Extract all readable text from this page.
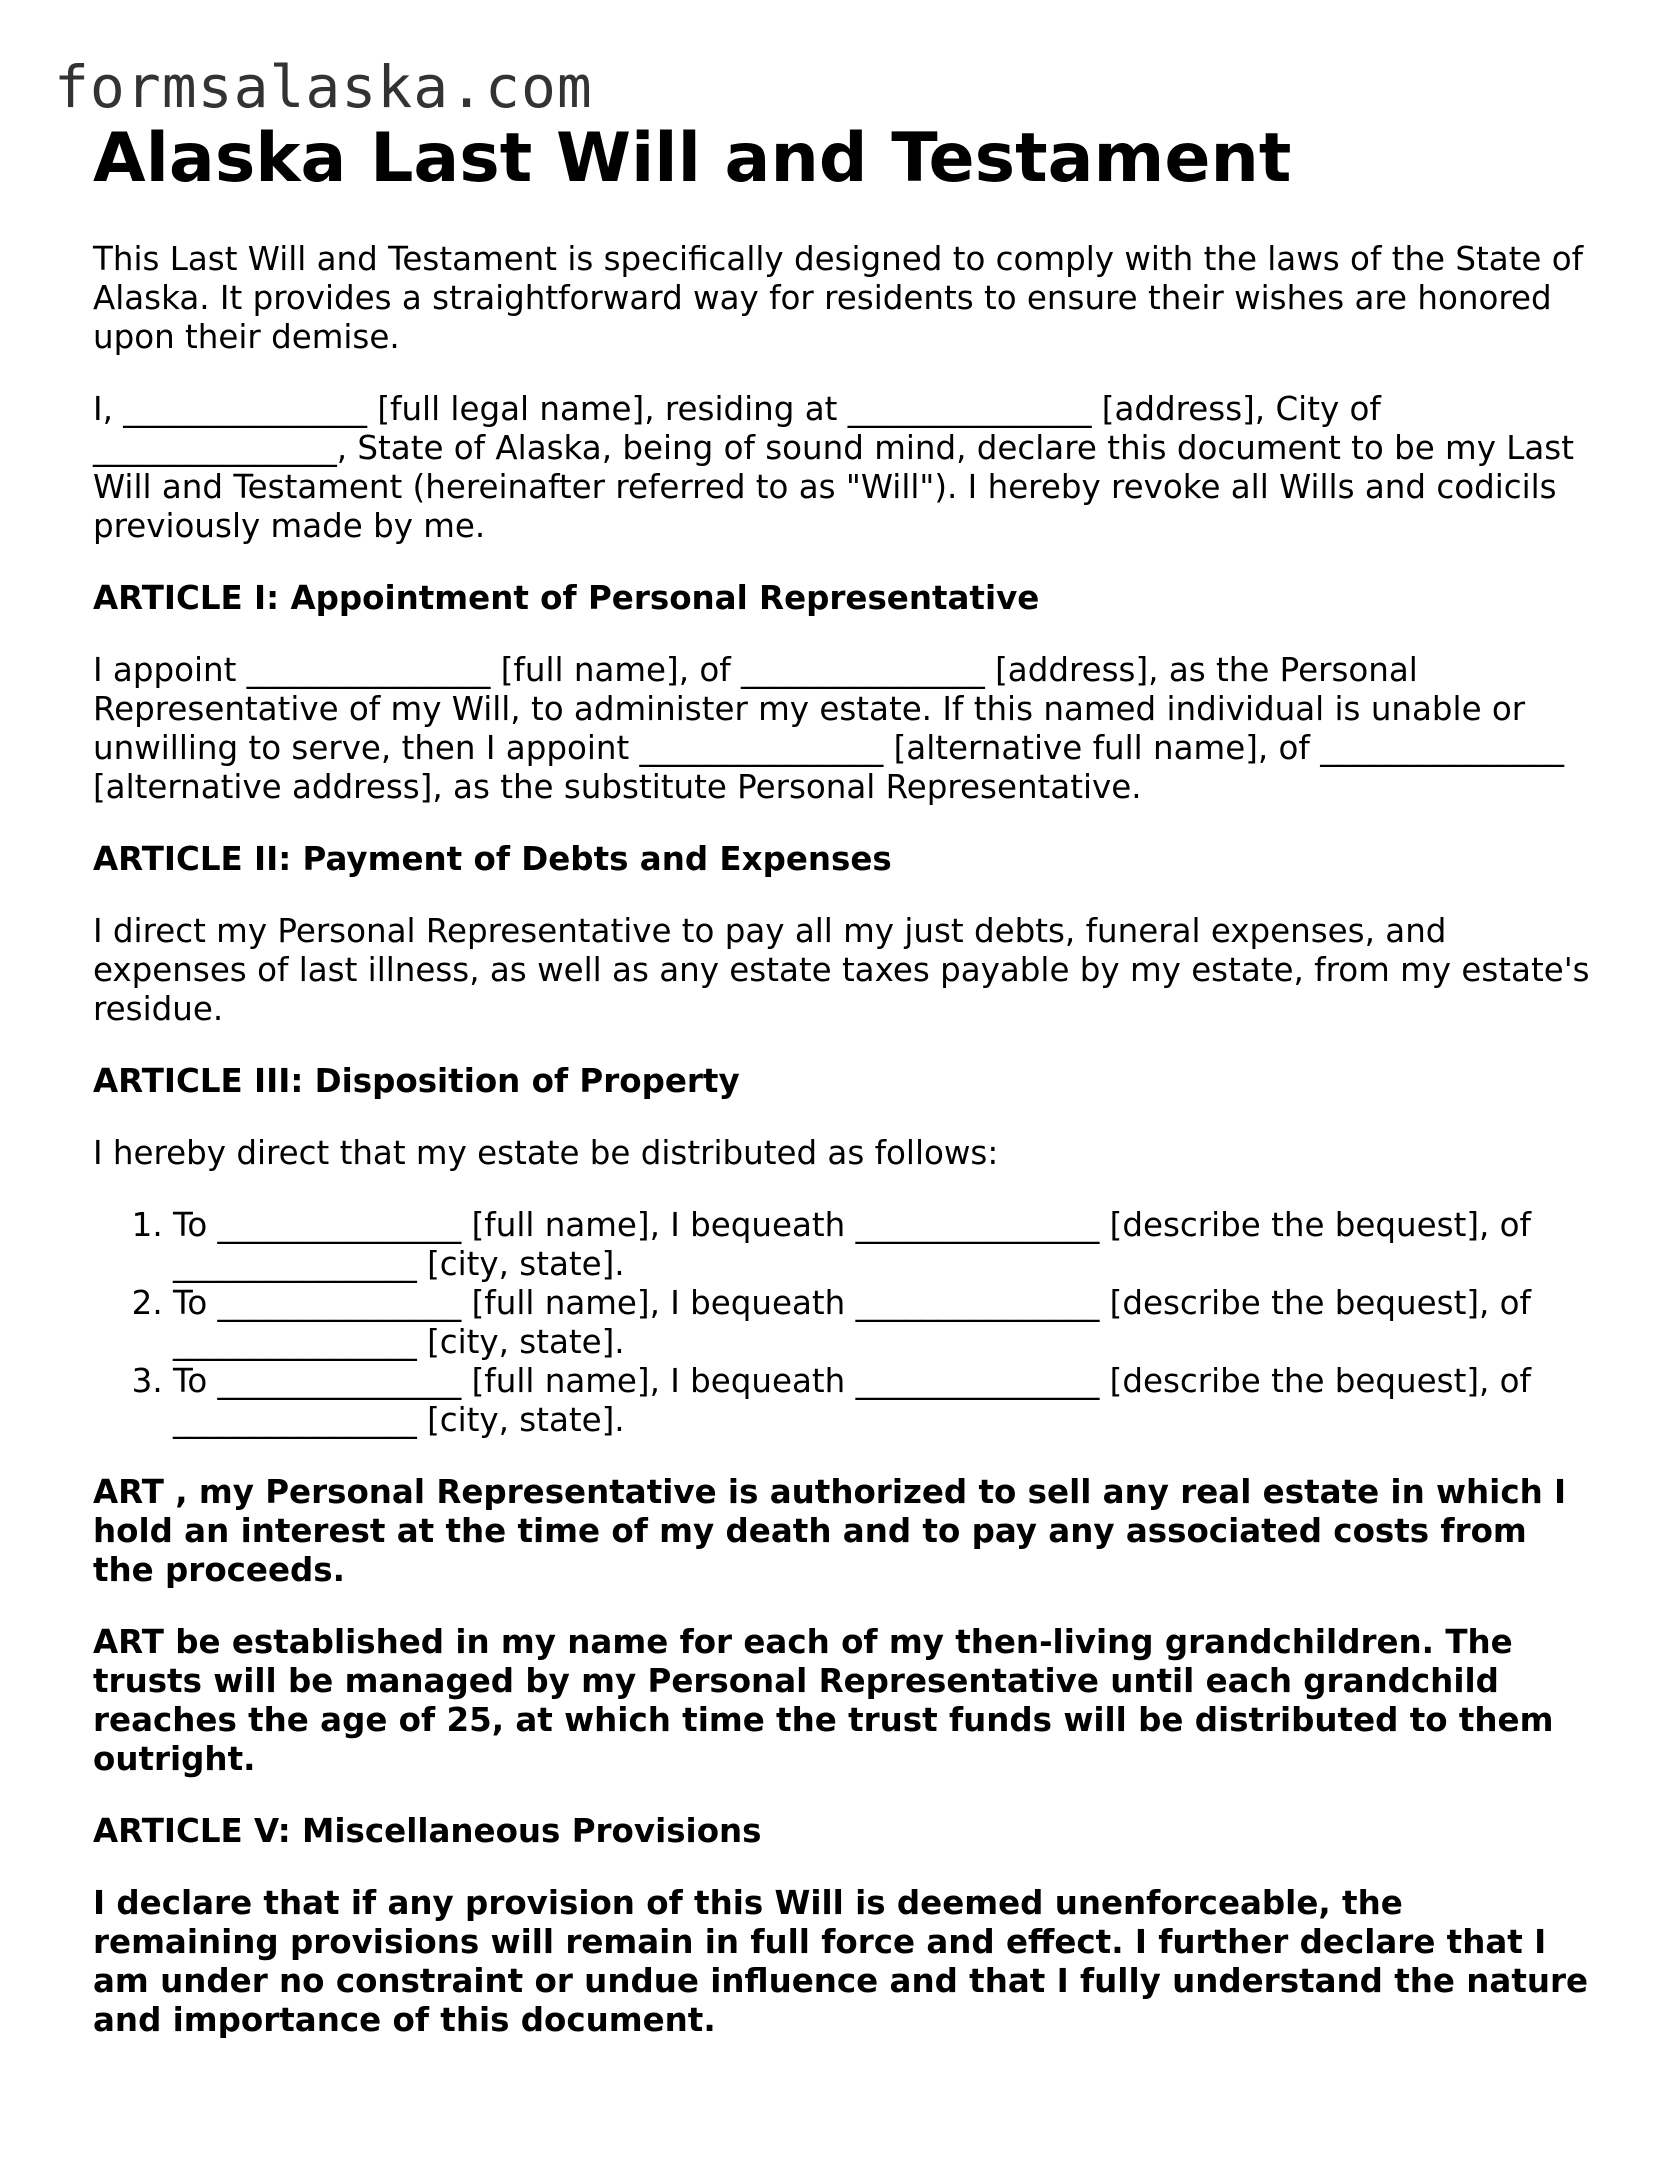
formsalaska.com
Alaska Last Will and Testament

This Last Will and Testament is specifically designed to comply with the laws of the State of Alaska. It provides a straightforward way for residents to ensure their wishes are honored upon their demise.

I, _______________ [full legal name], residing at _______________ [address], City of _______________, State of Alaska, being of sound mind, declare this document to be my Last Will and Testament (hereinafter referred to as "Will"). I hereby revoke all Wills and codicils previously made by me.

ARTICLE I: Appointment of Personal Representative

I appoint _______________ [full name], of _______________ [address], as the Personal Representative of my Will, to administer my estate. If this named individual is unable or unwilling to serve, then I appoint _______________ [alternative full name], of _______________ [alternative address], as the substitute Personal Representative.

ARTICLE II: Payment of Debts and Expenses

I direct my Personal Representative to pay all my just debts, funeral expenses, and expenses of last illness, as well as any estate taxes payable by my estate, from my estate's residue.

ARTICLE III: Disposition of Property

I hereby direct that my estate be distributed as follows:

1. To _______________ [full name], I bequeath _______________ [describe the bequest], of _______________ [city, state].
2. To _______________ [full name], I bequeath _______________ [describe the bequest], of _______________ [city, state].
3. To _______________ [full name], I bequeath _______________ [describe the bequest], of _______________ [city, state].

ART , my Personal Representative is authorized to sell any real estate in which I hold an interest at the time of my death and to pay any associated costs from the proceeds.

ART be established in my name for each of my then-living grandchildren. The trusts will be managed by my Personal Representative until each grandchild reaches the age of 25, at which time the trust funds will be distributed to them outright.

ARTICLE V: Miscellaneous Provisions

I declare that if any provision of this Will is deemed unenforceable, the remaining provisions will remain in full force and effect. I further declare that I am under no constraint or undue influence and that I fully understand the nature and importance of this document.
